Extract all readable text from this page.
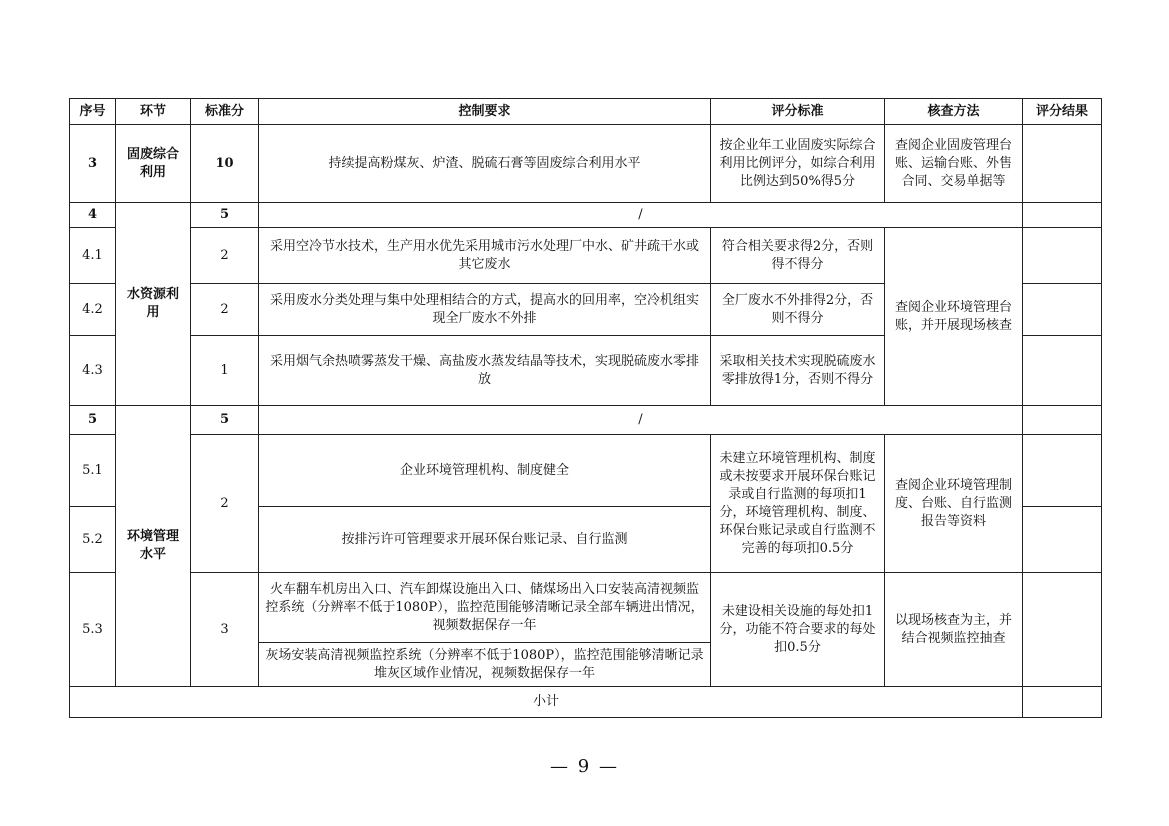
序号	环节	标准分	控制要求	评分标准	核查方法	评分结果
3	固废综合利用	10	持续提高粉煤灰、炉渣、脱硫石膏等固废综合利用水平	按企业年工业固废实际综合利用比例评分，如综合利用比例达到50%得5分	查阅企业固废管理台账、运输台账、外售合同、交易单据等	
4	水资源利用	5	/			
4.1		2	采用空冷节水技术，生产用水优先采用城市污水处理厂中水、矿井疏干水或其它废水	符合相关要求得2分，否则得不得分	查阅企业环境管理台账，并开展现场核查	
4.2		2	采用废水分类处理与集中处理相结合的方式，提高水的回用率，空冷机组实现全厂废水不外排	全厂废水不外排得2分，否则不得分		
4.3		1	采用烟气余热喷雾蒸发干燥、高盐废水蒸发结晶等技术，实现脱硫废水零排放	采取相关技术实现脱硫废水零排放得1分，否则不得分		
5	环境管理水平	5	/			
5.1		2	企业环境管理机构、制度健全	未建立环境管理机构、制度或未按要求开展环保台账记录或自行监测的每项扣1分，环境管理机构、制度、环保台账记录或自行监测不完善的每项扣0.5分	查阅企业环境管理制度、台账、自行监测报告等资料	
5.2			按排污许可管理要求开展环保台账记录、自行监测			
5.3		3	火车翻车机房出入口、汽车卸煤设施出入口、储煤场出入口安装高清视频监控系统（分辨率不低于1080P），监控范围能够清晰记录全部车辆进出情况，视频数据保存一年	未建设相关设施的每处扣1分，功能不符合要求的每处扣0.5分	以现场核查为主，并结合视频监控抽查	
			灰场安装高清视频监控系统（分辨率不低于1080P），监控范围能够清晰记录堆灰区域作业情况，视频数据保存一年			
小计						
— 9 —
